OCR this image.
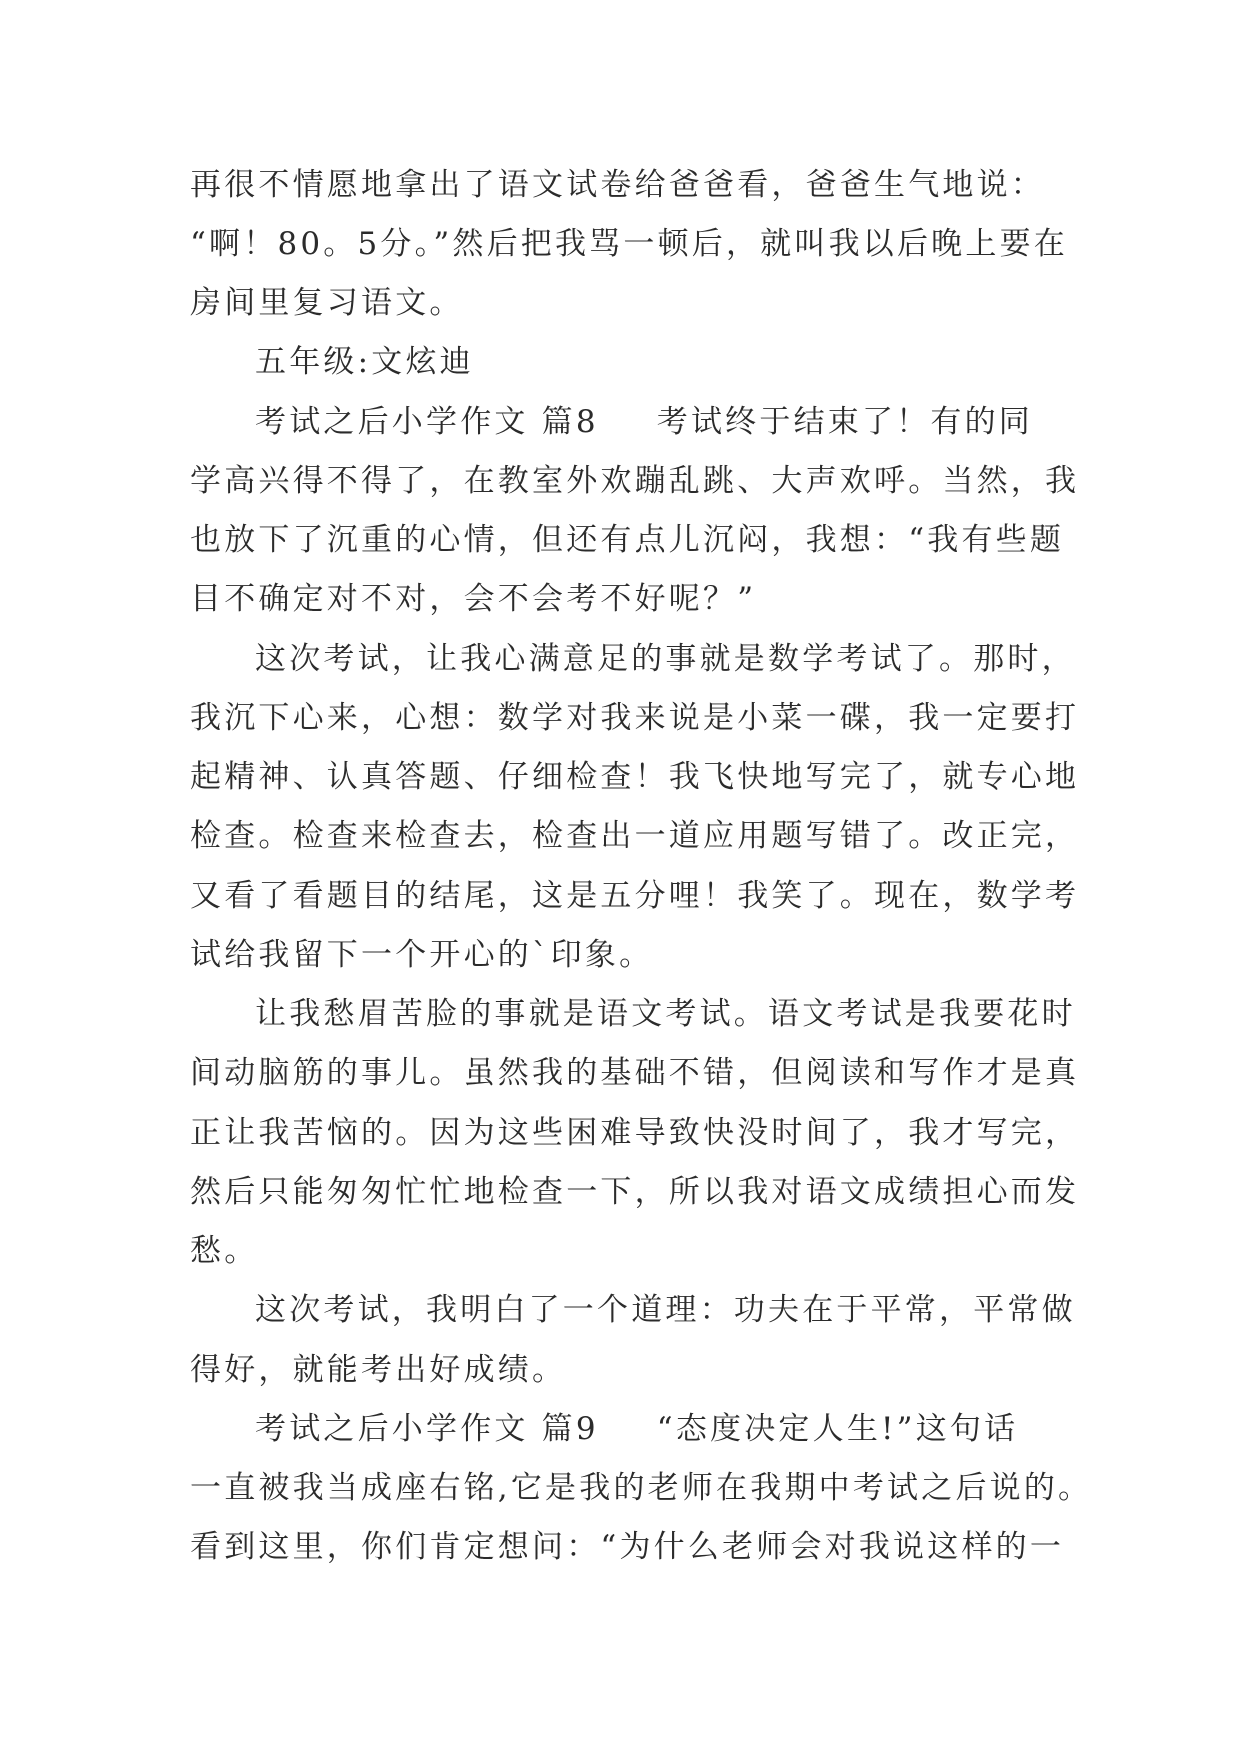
再很不情愿地拿出了语文试卷给爸爸看，爸爸生气地说：
“啊！80。5分。”然后把我骂一顿后，就叫我以后晚上要在
房间里复习语文。
五年级:文炫迪
考试之后小学作文 篇8 考试终于结束了！有的同
学高兴得不得了，在教室外欢蹦乱跳、大声欢呼。当然，我
也放下了沉重的心情，但还有点儿沉闷，我想：“我有些题
目不确定对不对，会不会考不好呢？”
这次考试，让我心满意足的事就是数学考试了。那时，
我沉下心来，心想：数学对我来说是小菜一碟，我一定要打
起精神、认真答题、仔细检查！我飞快地写完了，就专心地
检查。检查来检查去，检查出一道应用题写错了。改正完，
又看了看题目的结尾，这是五分哩！我笑了。现在，数学考
试给我留下一个开心的`印象。
让我愁眉苦脸的事就是语文考试。语文考试是我要花时
间动脑筋的事儿。虽然我的基础不错，但阅读和写作才是真
正让我苦恼的。因为这些困难导致快没时间了，我才写完，
然后只能匆匆忙忙地检查一下，所以我对语文成绩担心而发
愁。
这次考试，我明白了一个道理：功夫在于平常，平常做
得好，就能考出好成绩。
考试之后小学作文 篇9 “态度决定人生!”这句话
一直被我当成座右铭,它是我的老师在我期中考试之后说的。
看到这里，你们肯定想问：“为什么老师会对我说这样的一
